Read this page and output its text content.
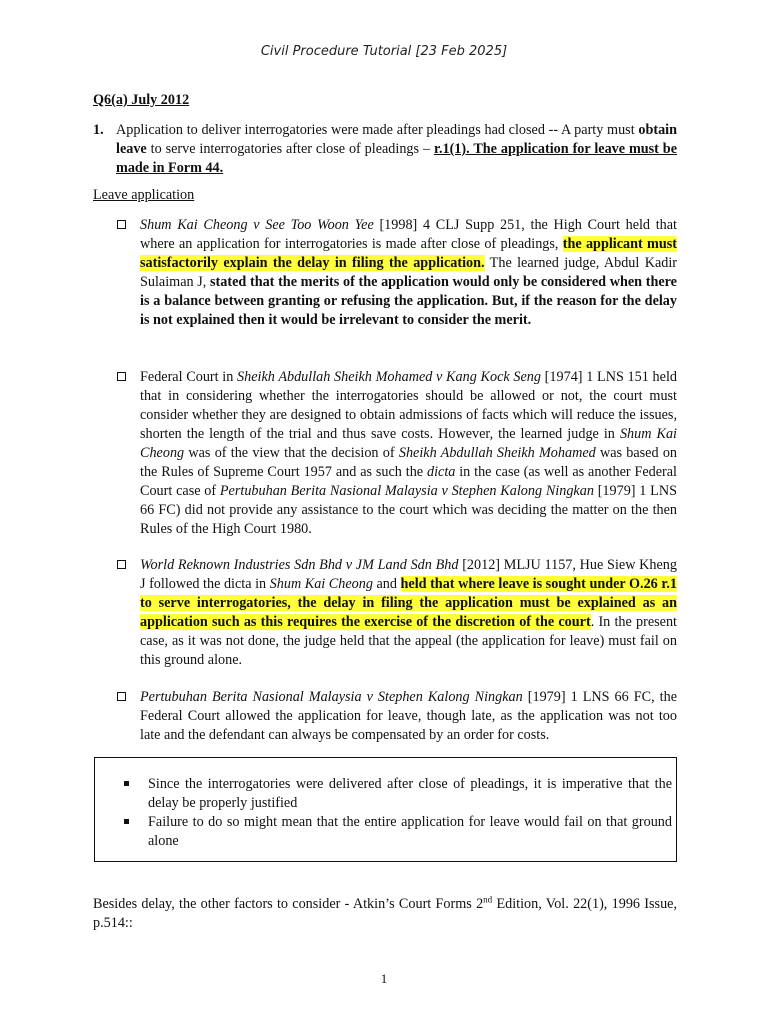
Civil Procedure Tutorial [23 Feb 2025]
Q6(a) July 2012
1. Application to deliver interrogatories were made after pleadings had closed -- A party must obtain leave to serve interrogatories after close of pleadings – r.1(1). The application for leave must be made in Form 44.
Leave application
Shum Kai Cheong v See Too Woon Yee [1998] 4 CLJ Supp 251, the High Court held that where an application for interrogatories is made after close of pleadings, the applicant must satisfactorily explain the delay in filing the application. The learned judge, Abdul Kadir Sulaiman J, stated that the merits of the application would only be considered when there is a balance between granting or refusing the application. But, if the reason for the delay is not explained then it would be irrelevant to consider the merit.
Federal Court in Sheikh Abdullah Sheikh Mohamed v Kang Kock Seng [1974] 1 LNS 151 held that in considering whether the interrogatories should be allowed or not, the court must consider whether they are designed to obtain admissions of facts which will reduce the issues, shorten the length of the trial and thus save costs. However, the learned judge in Shum Kai Cheong was of the view that the decision of Sheikh Abdullah Sheikh Mohamed was based on the Rules of Supreme Court 1957 and as such the dicta in the case (as well as another Federal Court case of Pertubuhan Berita Nasional Malaysia v Stephen Kalong Ningkan [1979] 1 LNS 66 FC) did not provide any assistance to the court which was deciding the matter on the then Rules of the High Court 1980.
World Reknown Industries Sdn Bhd v JM Land Sdn Bhd [2012] MLJU 1157, Hue Siew Kheng J followed the dicta in Shum Kai Cheong and held that where leave is sought under O.26 r.1 to serve interrogatories, the delay in filing the application must be explained as an application such as this requires the exercise of the discretion of the court. In the present case, as it was not done, the judge held that the appeal (the application for leave) must fail on this ground alone.
Pertubuhan Berita Nasional Malaysia v Stephen Kalong Ningkan [1979] 1 LNS 66 FC, the Federal Court allowed the application for leave, though late, as the application was not too late and the defendant can always be compensated by an order for costs.
Since the interrogatories were delivered after close of pleadings, it is imperative that the delay be properly justified
Failure to do so might mean that the entire application for leave would fail on that ground alone
Besides delay, the other factors to consider - Atkin’s Court Forms 2nd Edition, Vol. 22(1), 1996 Issue, p.514::
1
